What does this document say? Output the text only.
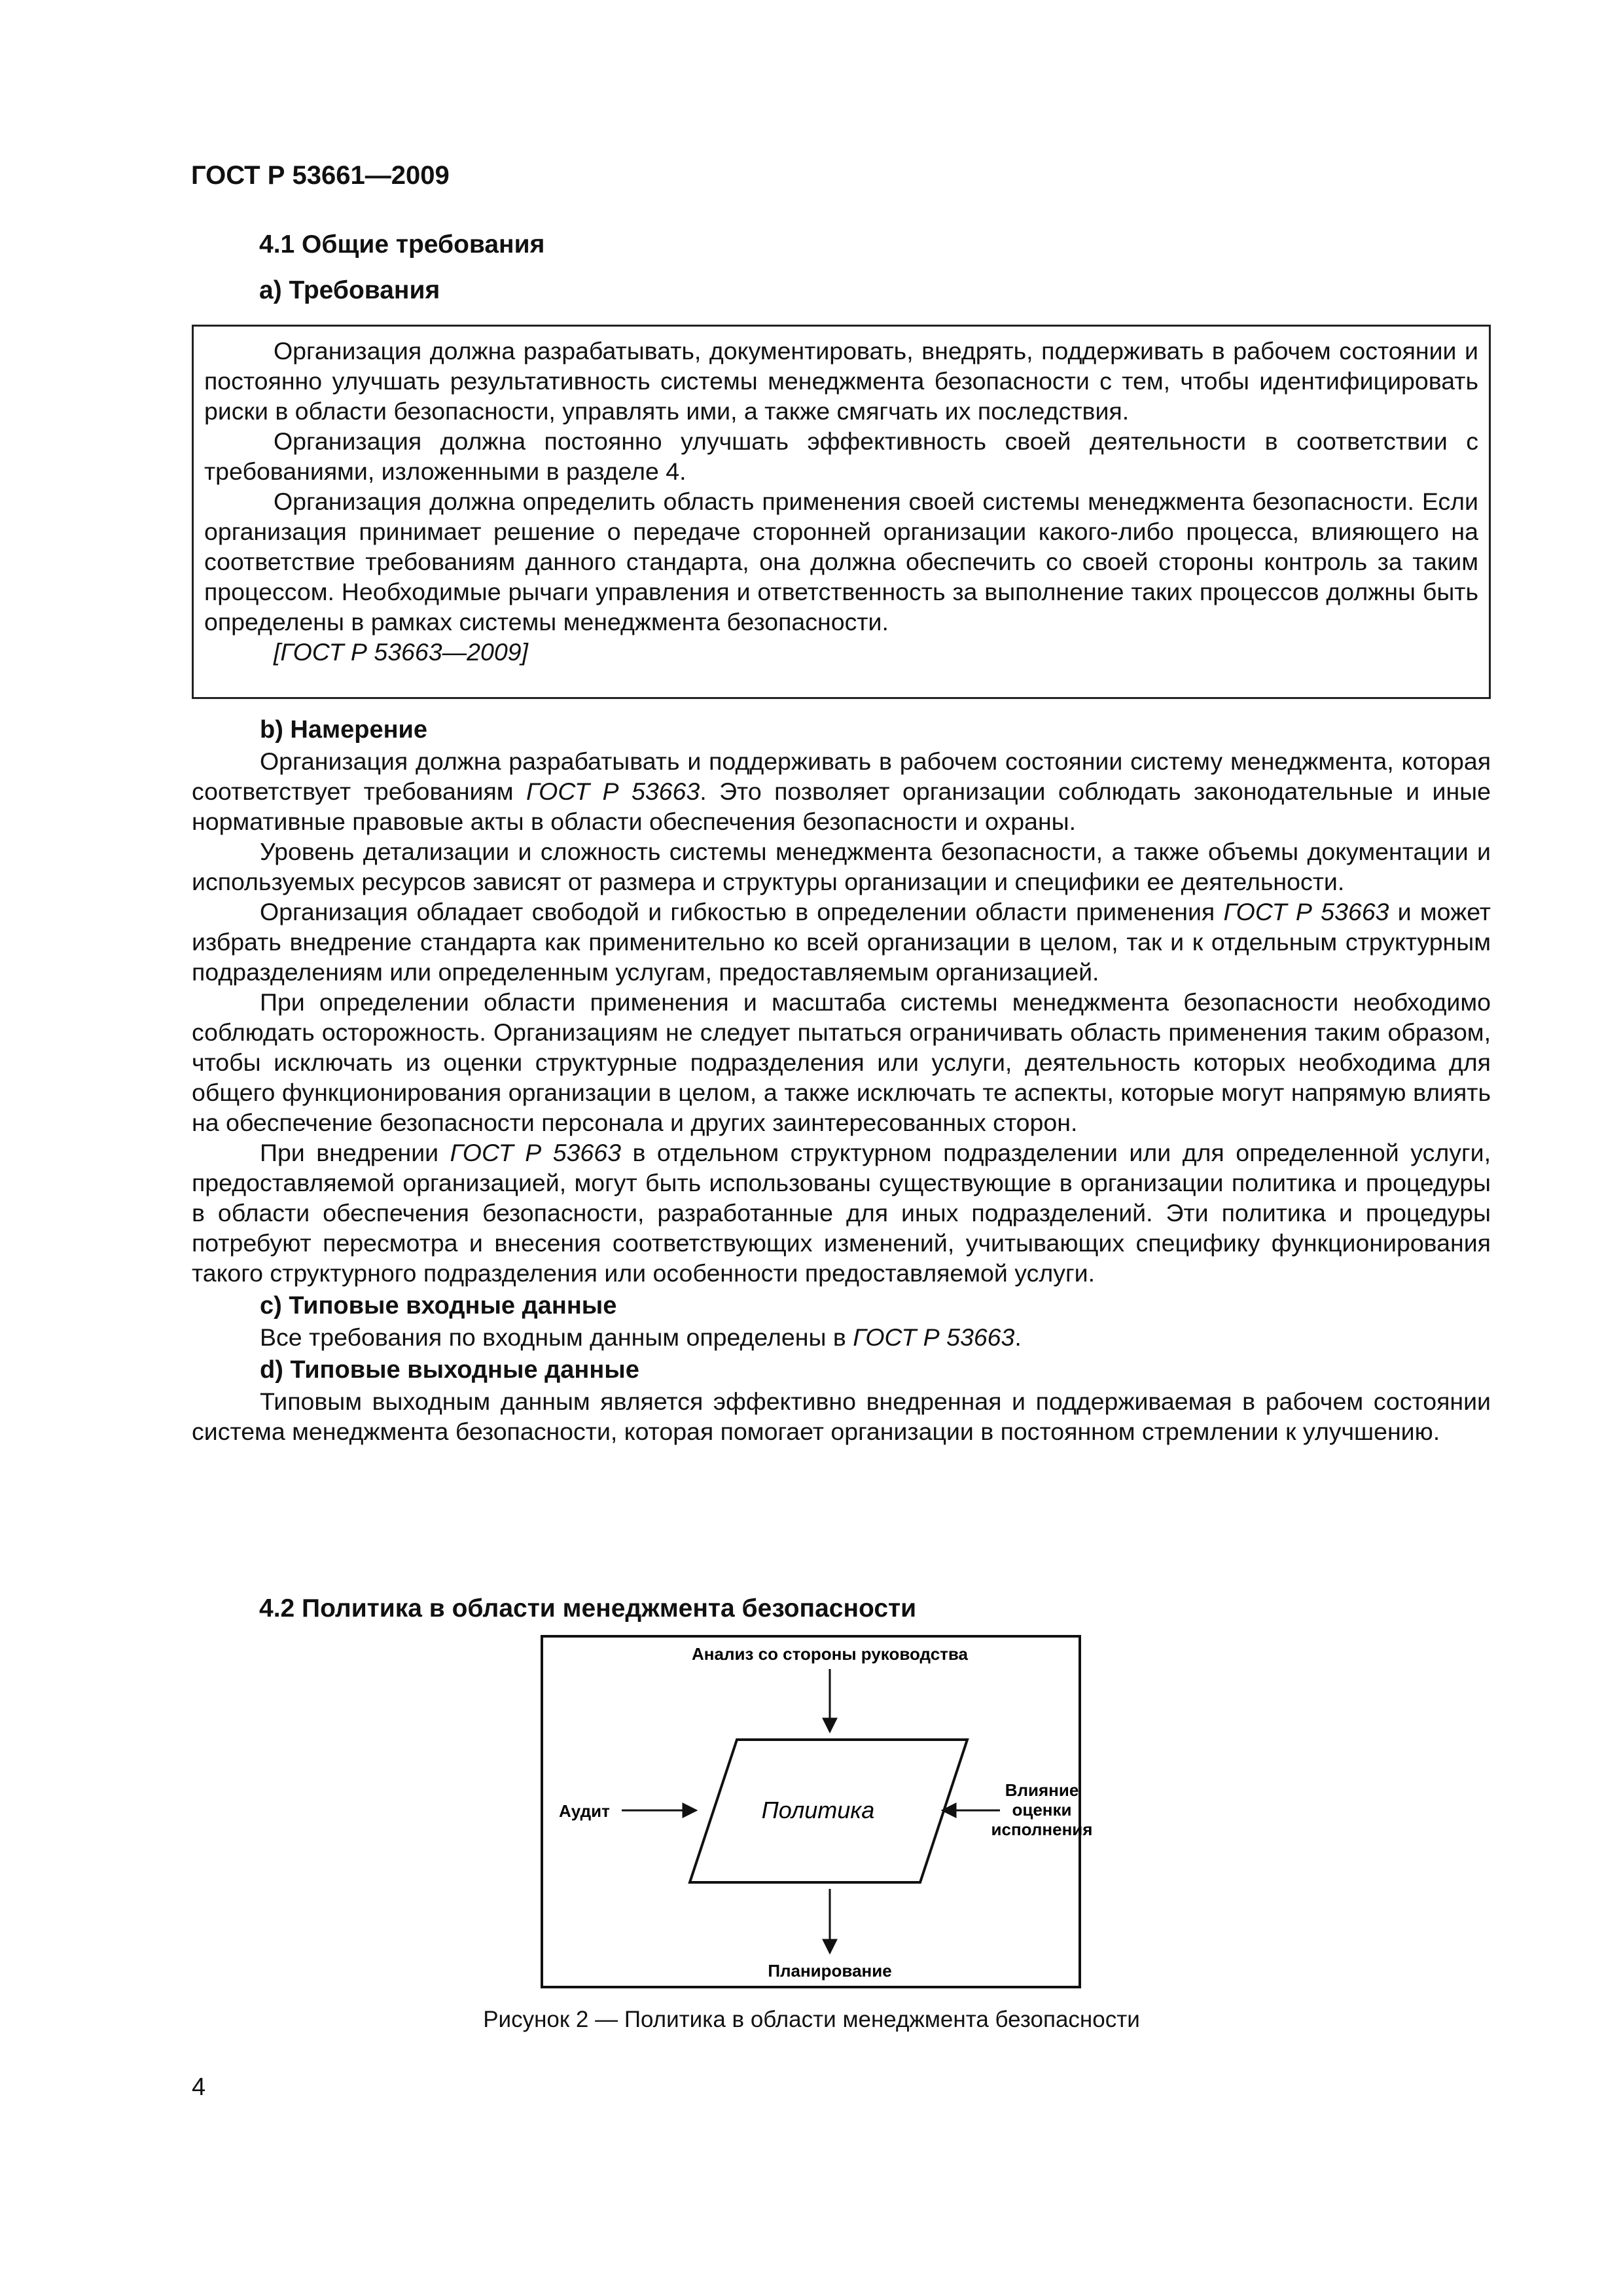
ГОСТ Р 53661—2009

4.1 Общие требования

а) Требования

Организация должна разрабатывать, документировать, внедрять, поддерживать в рабочем состоянии и постоянно улучшать результативность системы менеджмента безопасности с тем, чтобы идентифицировать риски в области безопасности, управлять ими, а также смягчать их последствия.

Организация должна постоянно улучшать эффективность своей деятельности в соответствии с требованиями, изложенными в разделе 4.

Организация должна определить область применения своей системы менеджмента безопасности. Если организация принимает решение о передаче сторонней организации какого-либо процесса, влияющего на соответствие требованиям данного стандарта, она должна обеспечить со своей стороны контроль за таким процессом. Необходимые рычаги управления и ответственность за выполнение таких процессов должны быть определены в рамках системы менеджмента безопасности.

[ГОСТ Р 53663—2009]

b) Намерение

Организация должна разрабатывать и поддерживать в рабочем состоянии систему менеджмента, которая соответствует требованиям ГОСТ Р 53663. Это позволяет организации соблюдать законодательные и иные нормативные правовые акты в области обеспечения безопасности и охраны.

Уровень детализации и сложность системы менеджмента безопасности, а также объемы документации и используемых ресурсов зависят от размера и структуры организации и специфики ее деятельности.

Организация обладает свободой и гибкостью в определении области применения ГОСТ Р 53663 и может избрать внедрение стандарта как применительно ко всей организации в целом, так и к отдельным структурным подразделениям или определенным услугам, предоставляемым организацией.

При определении области применения и масштаба системы менеджмента безопасности необходимо соблюдать осторожность. Организациям не следует пытаться ограничивать область применения таким образом, чтобы исключать из оценки структурные подразделения или услуги, деятельность которых необходима для общего функционирования организации в целом, а также исключать те аспекты, которые могут напрямую влиять на обеспечение безопасности персонала и других заинтересованных сторон.

При внедрении ГОСТ Р 53663 в отдельном структурном подразделении или для определенной услуги, предоставляемой организацией, могут быть использованы существующие в организации политика и процедуры в области обеспечения безопасности, разработанные для иных подразделений. Эти политика и процедуры потребуют пересмотра и внесения соответствующих изменений, учитывающих специфику функционирования такого структурного подразделения или особенности предоставляемой услуги.

с) Типовые входные данные

Все требования по входным данным определены в ГОСТ Р 53663.

d) Типовые выходные данные

Типовым выходным данным является эффективно внедренная и поддерживаемая в рабочем состоянии система менеджмента безопасности, которая помогает организации в постоянном стремлении к улучшению.

4.2 Политика в области менеджмента безопасности

Анализ со стороны руководства
Политика
Аудит
Влияние
оценки
исполнения
Планирование

Рисунок 2 — Политика в области менеджмента безопасности

4
